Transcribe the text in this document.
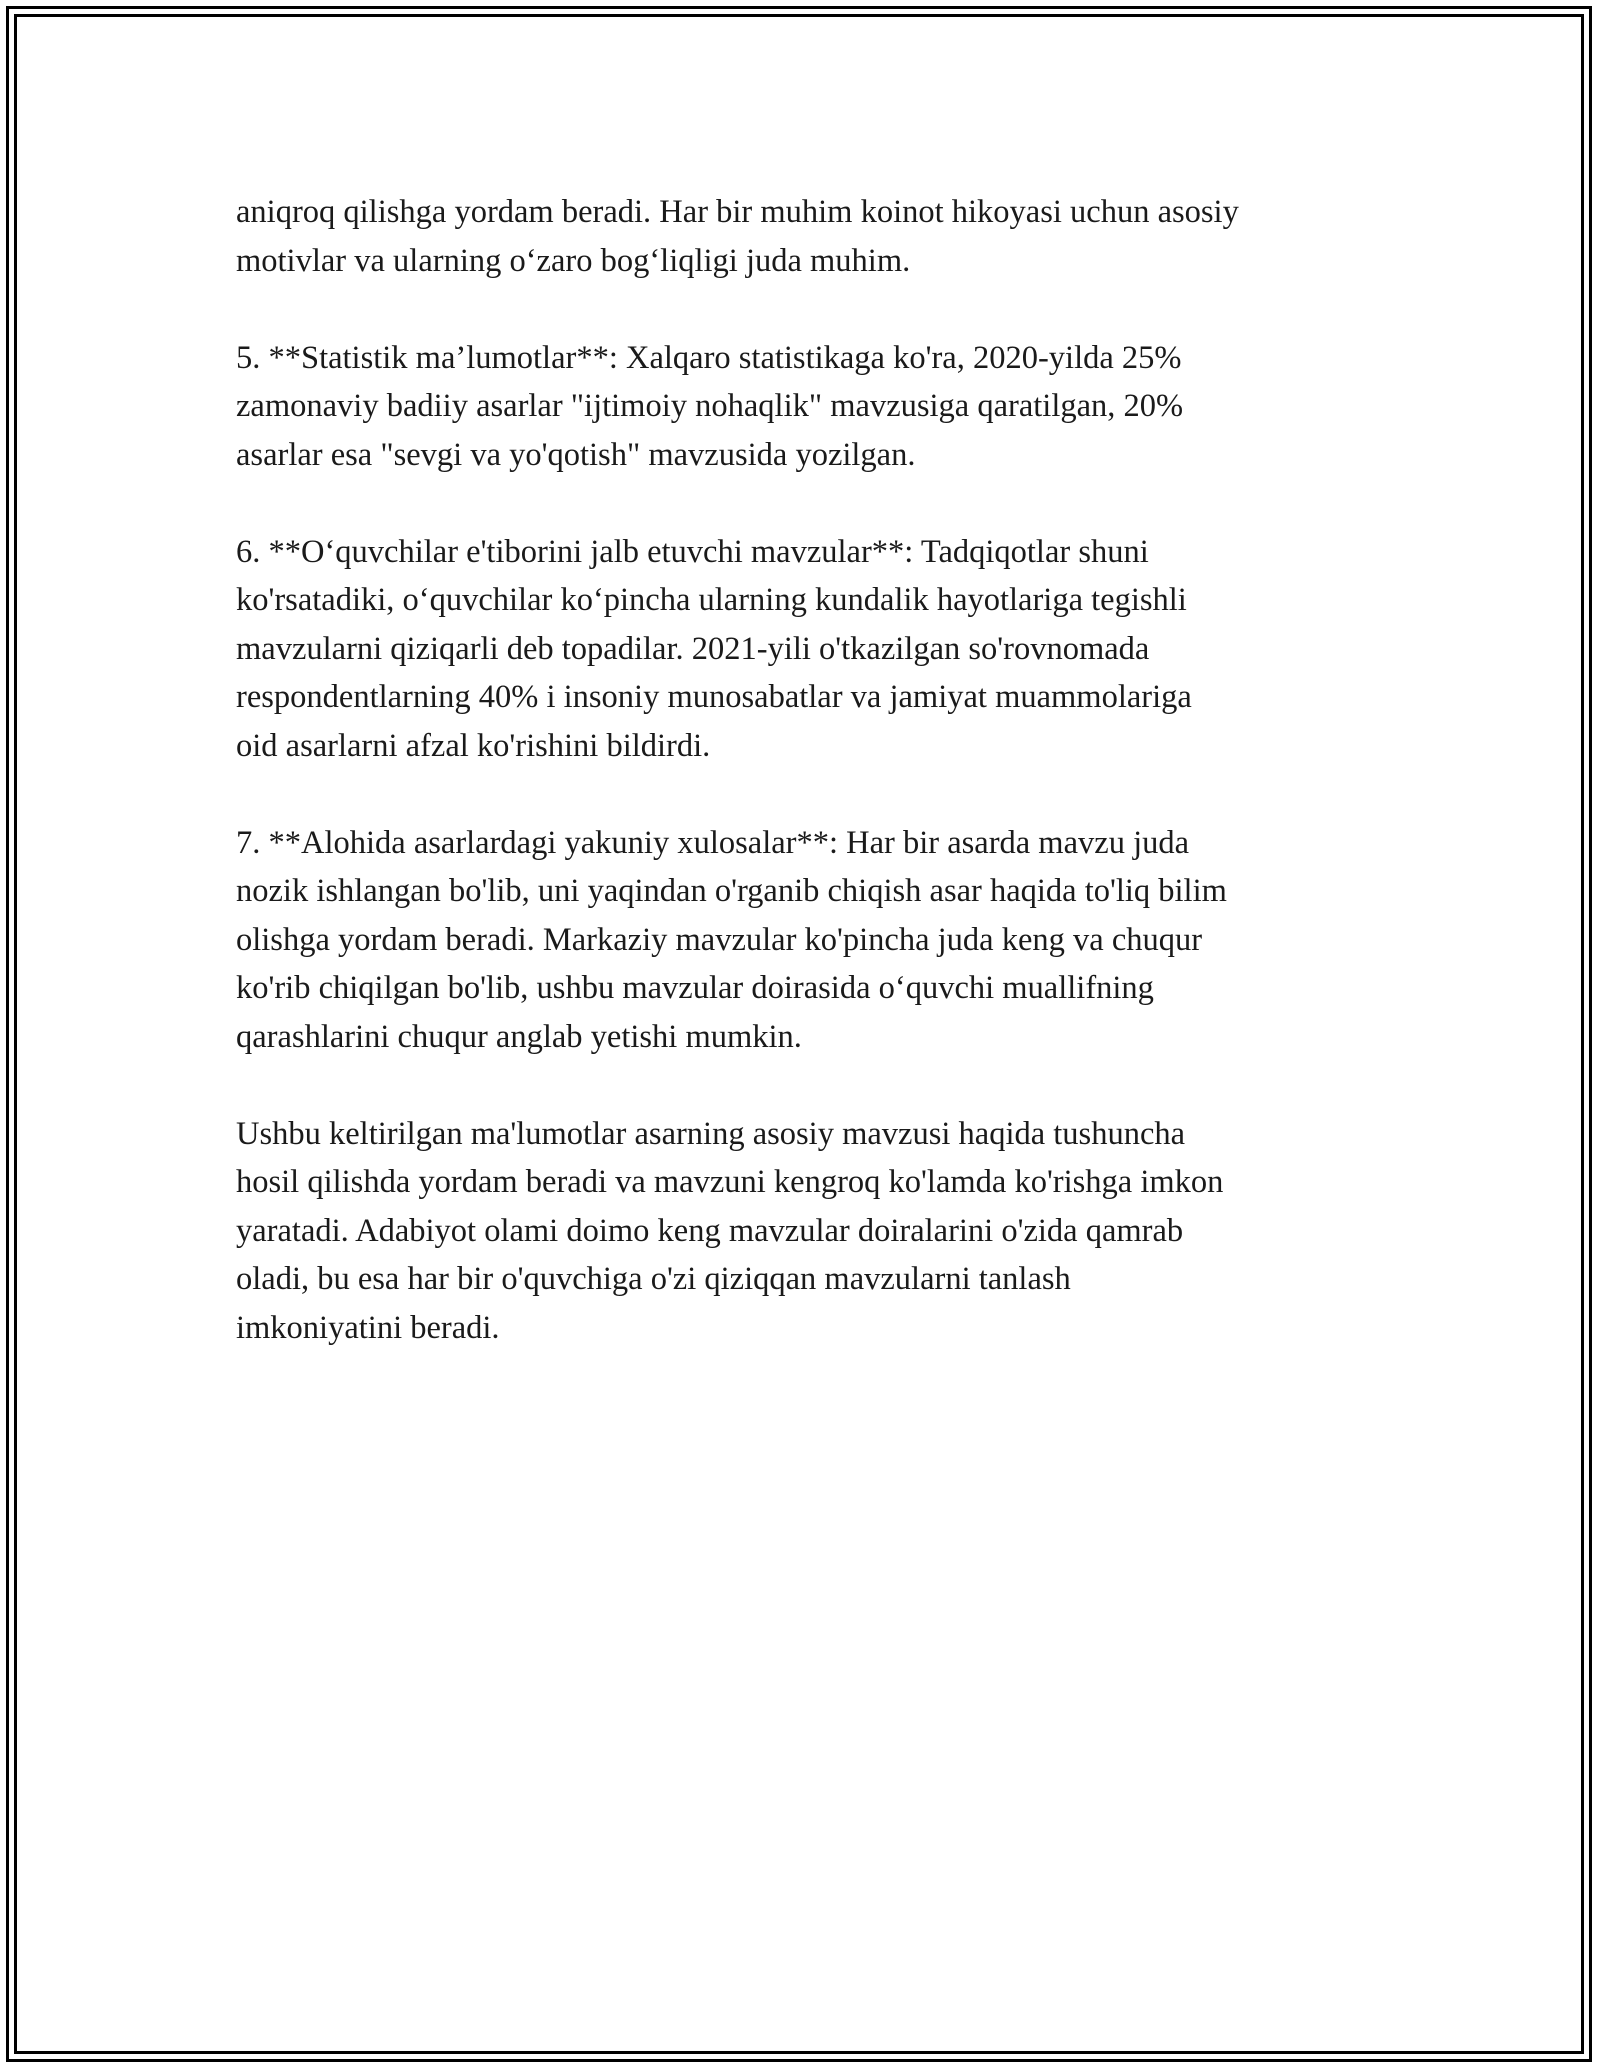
aniqroq qilishga yordam beradi. Har bir muhim koinot hikoyasi uchun asosiy
motivlar va ularning oʻzaro bogʻliqligi juda muhim.

5. **Statistik ma’lumotlar**: Xalqaro statistikaga ko'ra, 2020-yilda 25%
zamonaviy badiiy asarlar "ijtimoiy nohaqlik" mavzusiga qaratilgan, 20%
asarlar esa "sevgi va yo'qotish" mavzusida yozilgan.

6. **Oʻquvchilar e'tiborini jalb etuvchi mavzular**: Tadqiqotlar shuni
ko'rsatadiki, oʻquvchilar koʻpincha ularning kundalik hayotlariga tegishli
mavzularni qiziqarli deb topadilar. 2021-yili o'tkazilgan so'rovnomada
respondentlarning 40% i insoniy munosabatlar va jamiyat muammolariga
oid asarlarni afzal ko'rishini bildirdi.

7. **Alohida asarlardagi yakuniy xulosalar**: Har bir asarda mavzu juda
nozik ishlangan bo'lib, uni yaqindan o'rganib chiqish asar haqida to'liq bilim
olishga yordam beradi. Markaziy mavzular ko'pincha juda keng va chuqur
ko'rib chiqilgan bo'lib, ushbu mavzular doirasida oʻquvchi muallifning
qarashlarini chuqur anglab yetishi mumkin.

Ushbu keltirilgan ma'lumotlar asarning asosiy mavzusi haqida tushuncha
hosil qilishda yordam beradi va mavzuni kengroq ko'lamda ko'rishga imkon
yaratadi. Adabiyot olami doimo keng mavzular doiralarini o'zida qamrab
oladi, bu esa har bir o'quvchiga o'zi qiziqqan mavzularni tanlash
imkoniyatini beradi.
